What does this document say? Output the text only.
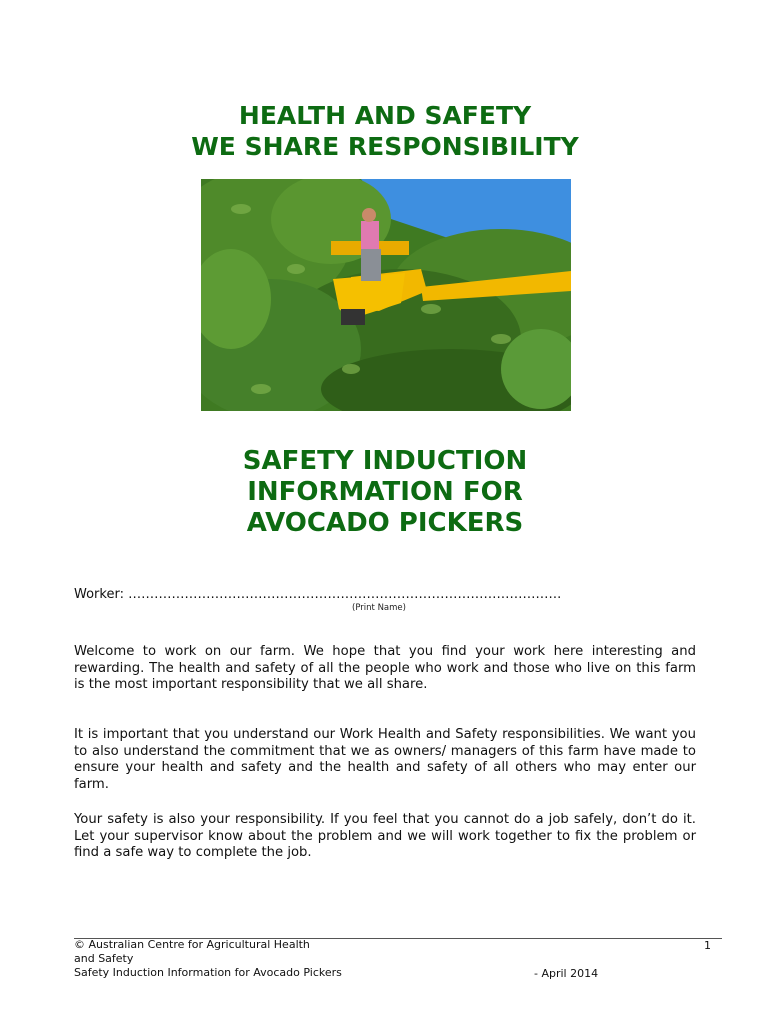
HEALTH AND SAFETY
WE SHARE RESPONSIBILITY
SAFETY INDUCTION
INFORMATION FOR
AVOCADO PICKERS
Worker: ……………………………………………………………………………………….
(Print Name)

Welcome to work on our farm. We hope that you find your work here interesting and rewarding. The health and safety of all the people who work and those who live on this farm is the most important responsibility that we all share.

It is important that you understand our Work Health and Safety responsibilities. We want you to also understand the commitment that we as owners/ managers of this farm have made to ensure your health and safety and the health and safety of all others who may enter our farm.

Your safety is also your responsibility. If you feel that you cannot do a job safely, don’t do it. Let your supervisor know about the problem and we will work together to fix the problem or find a safe way to complete the job.

© Australian Centre for Agricultural Health
and Safety
Safety Induction Information for Avocado Pickers
1
- April 2014
